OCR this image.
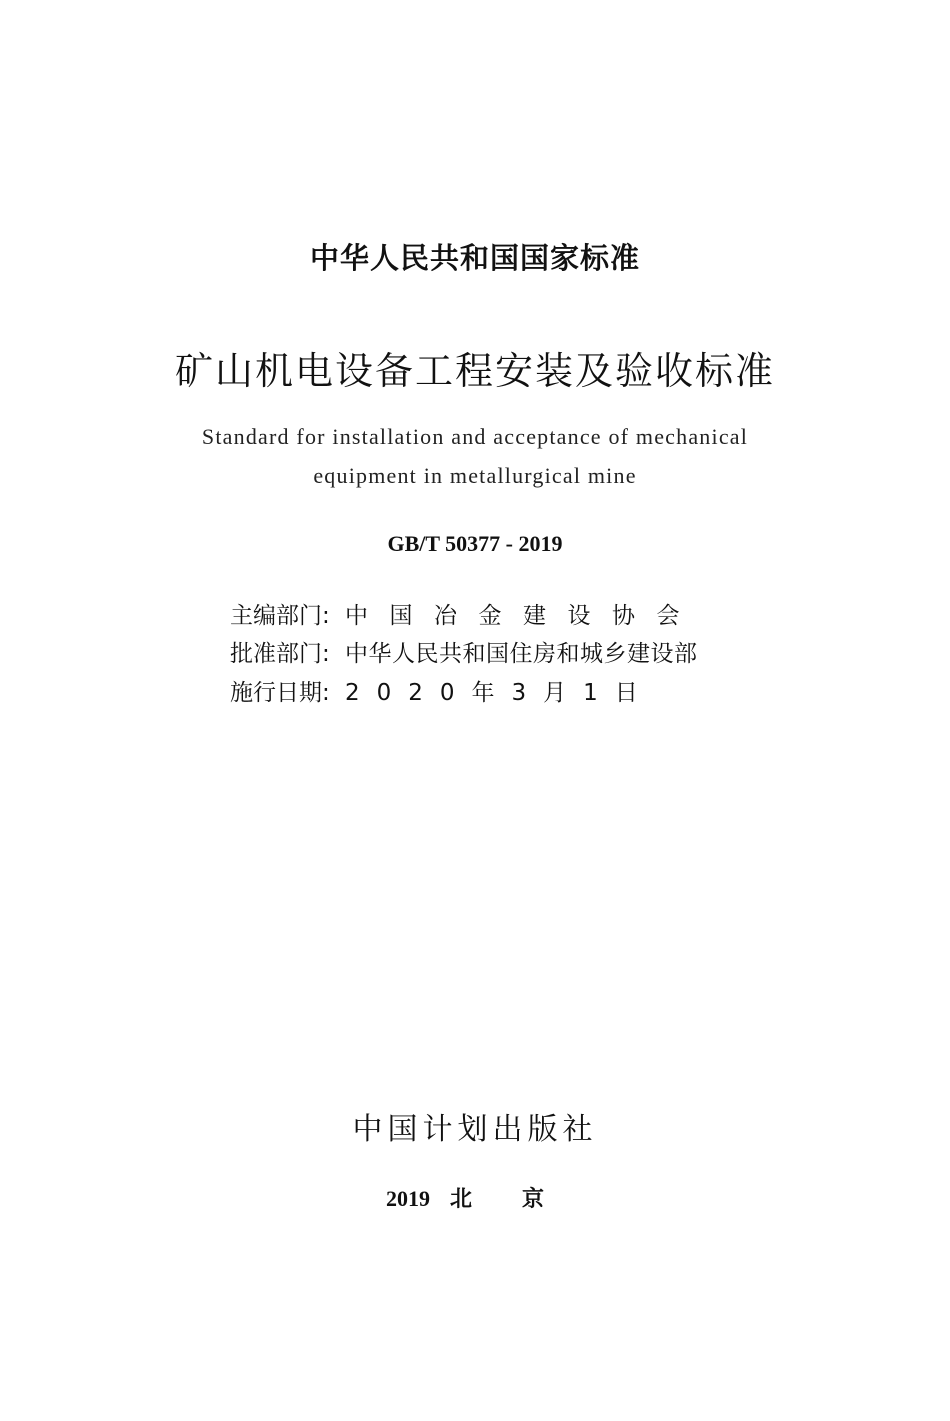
中华人民共和国国家标准
矿山机电设备工程安装及验收标准
Standard for installation and acceptance of mechanical
equipment in metallurgical mine
GB/T 50377 - 2019
主编部门: 中国冶金建设协会
批准部门: 中华人民共和国住房和城乡建设部
施行日期: 2020年3月1日
中国计划出版社
2019 北京
